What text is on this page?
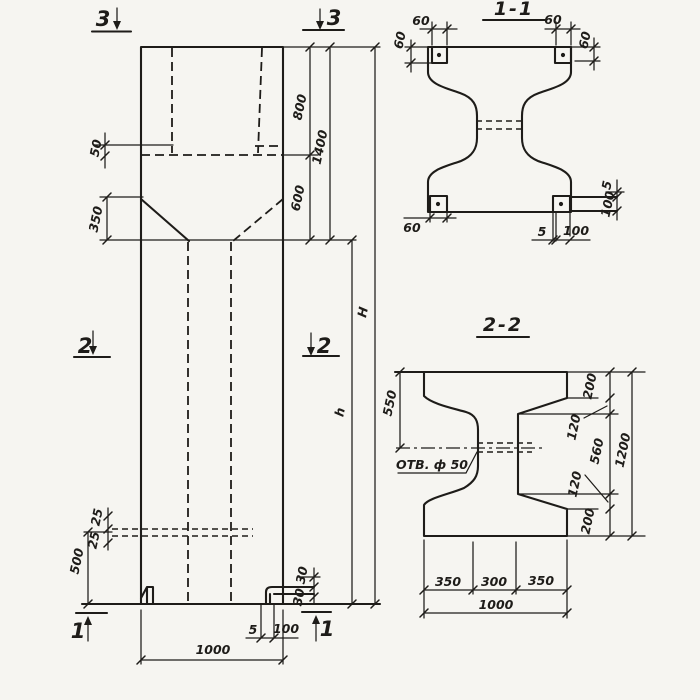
3	3
2	2
1	1
50
350
800
600
1400
H
h
25
25
500	30
30
5 100
1000
1-1
60
60
60
60
60
5
100
5 100
2-2
ОТВ. ф 50
550
200
120
560 1200
120
200
350 300 350
1000
